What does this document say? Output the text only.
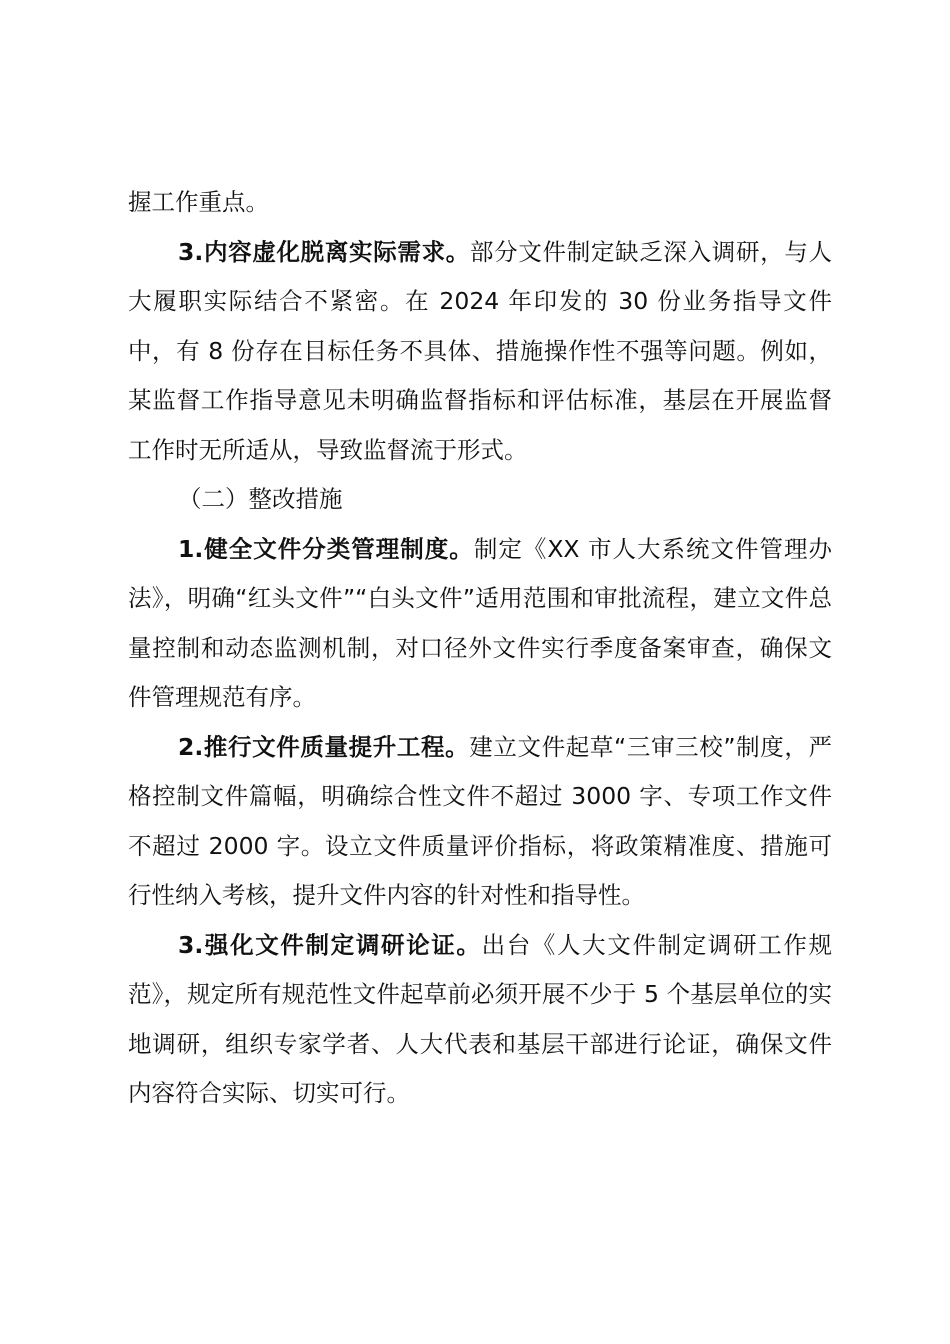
握工作重点。

3.内容虚化脱离实际需求。部分文件制定缺乏深入调研，与人大履职实际结合不紧密。在 2024 年印发的 30 份业务指导文件中，有 8 份存在目标任务不具体、措施操作性不强等问题。例如，某监督工作指导意见未明确监督指标和评估标准，基层在开展监督工作时无所适从，导致监督流于形式。

（二）整改措施

1.健全文件分类管理制度。制定《XX 市人大系统文件管理办法》，明确“红头文件”“白头文件”适用范围和审批流程，建立文件总量控制和动态监测机制，对口径外文件实行季度备案审查，确保文件管理规范有序。

2.推行文件质量提升工程。建立文件起草“三审三校”制度，严格控制文件篇幅，明确综合性文件不超过 3000 字、专项工作文件不超过 2000 字。设立文件质量评价指标，将政策精准度、措施可行性纳入考核，提升文件内容的针对性和指导性。

3.强化文件制定调研论证。出台《人大文件制定调研工作规范》，规定所有规范性文件起草前必须开展不少于 5 个基层单位的实地调研，组织专家学者、人大代表和基层干部进行论证，确保文件内容符合实际、切实可行。
